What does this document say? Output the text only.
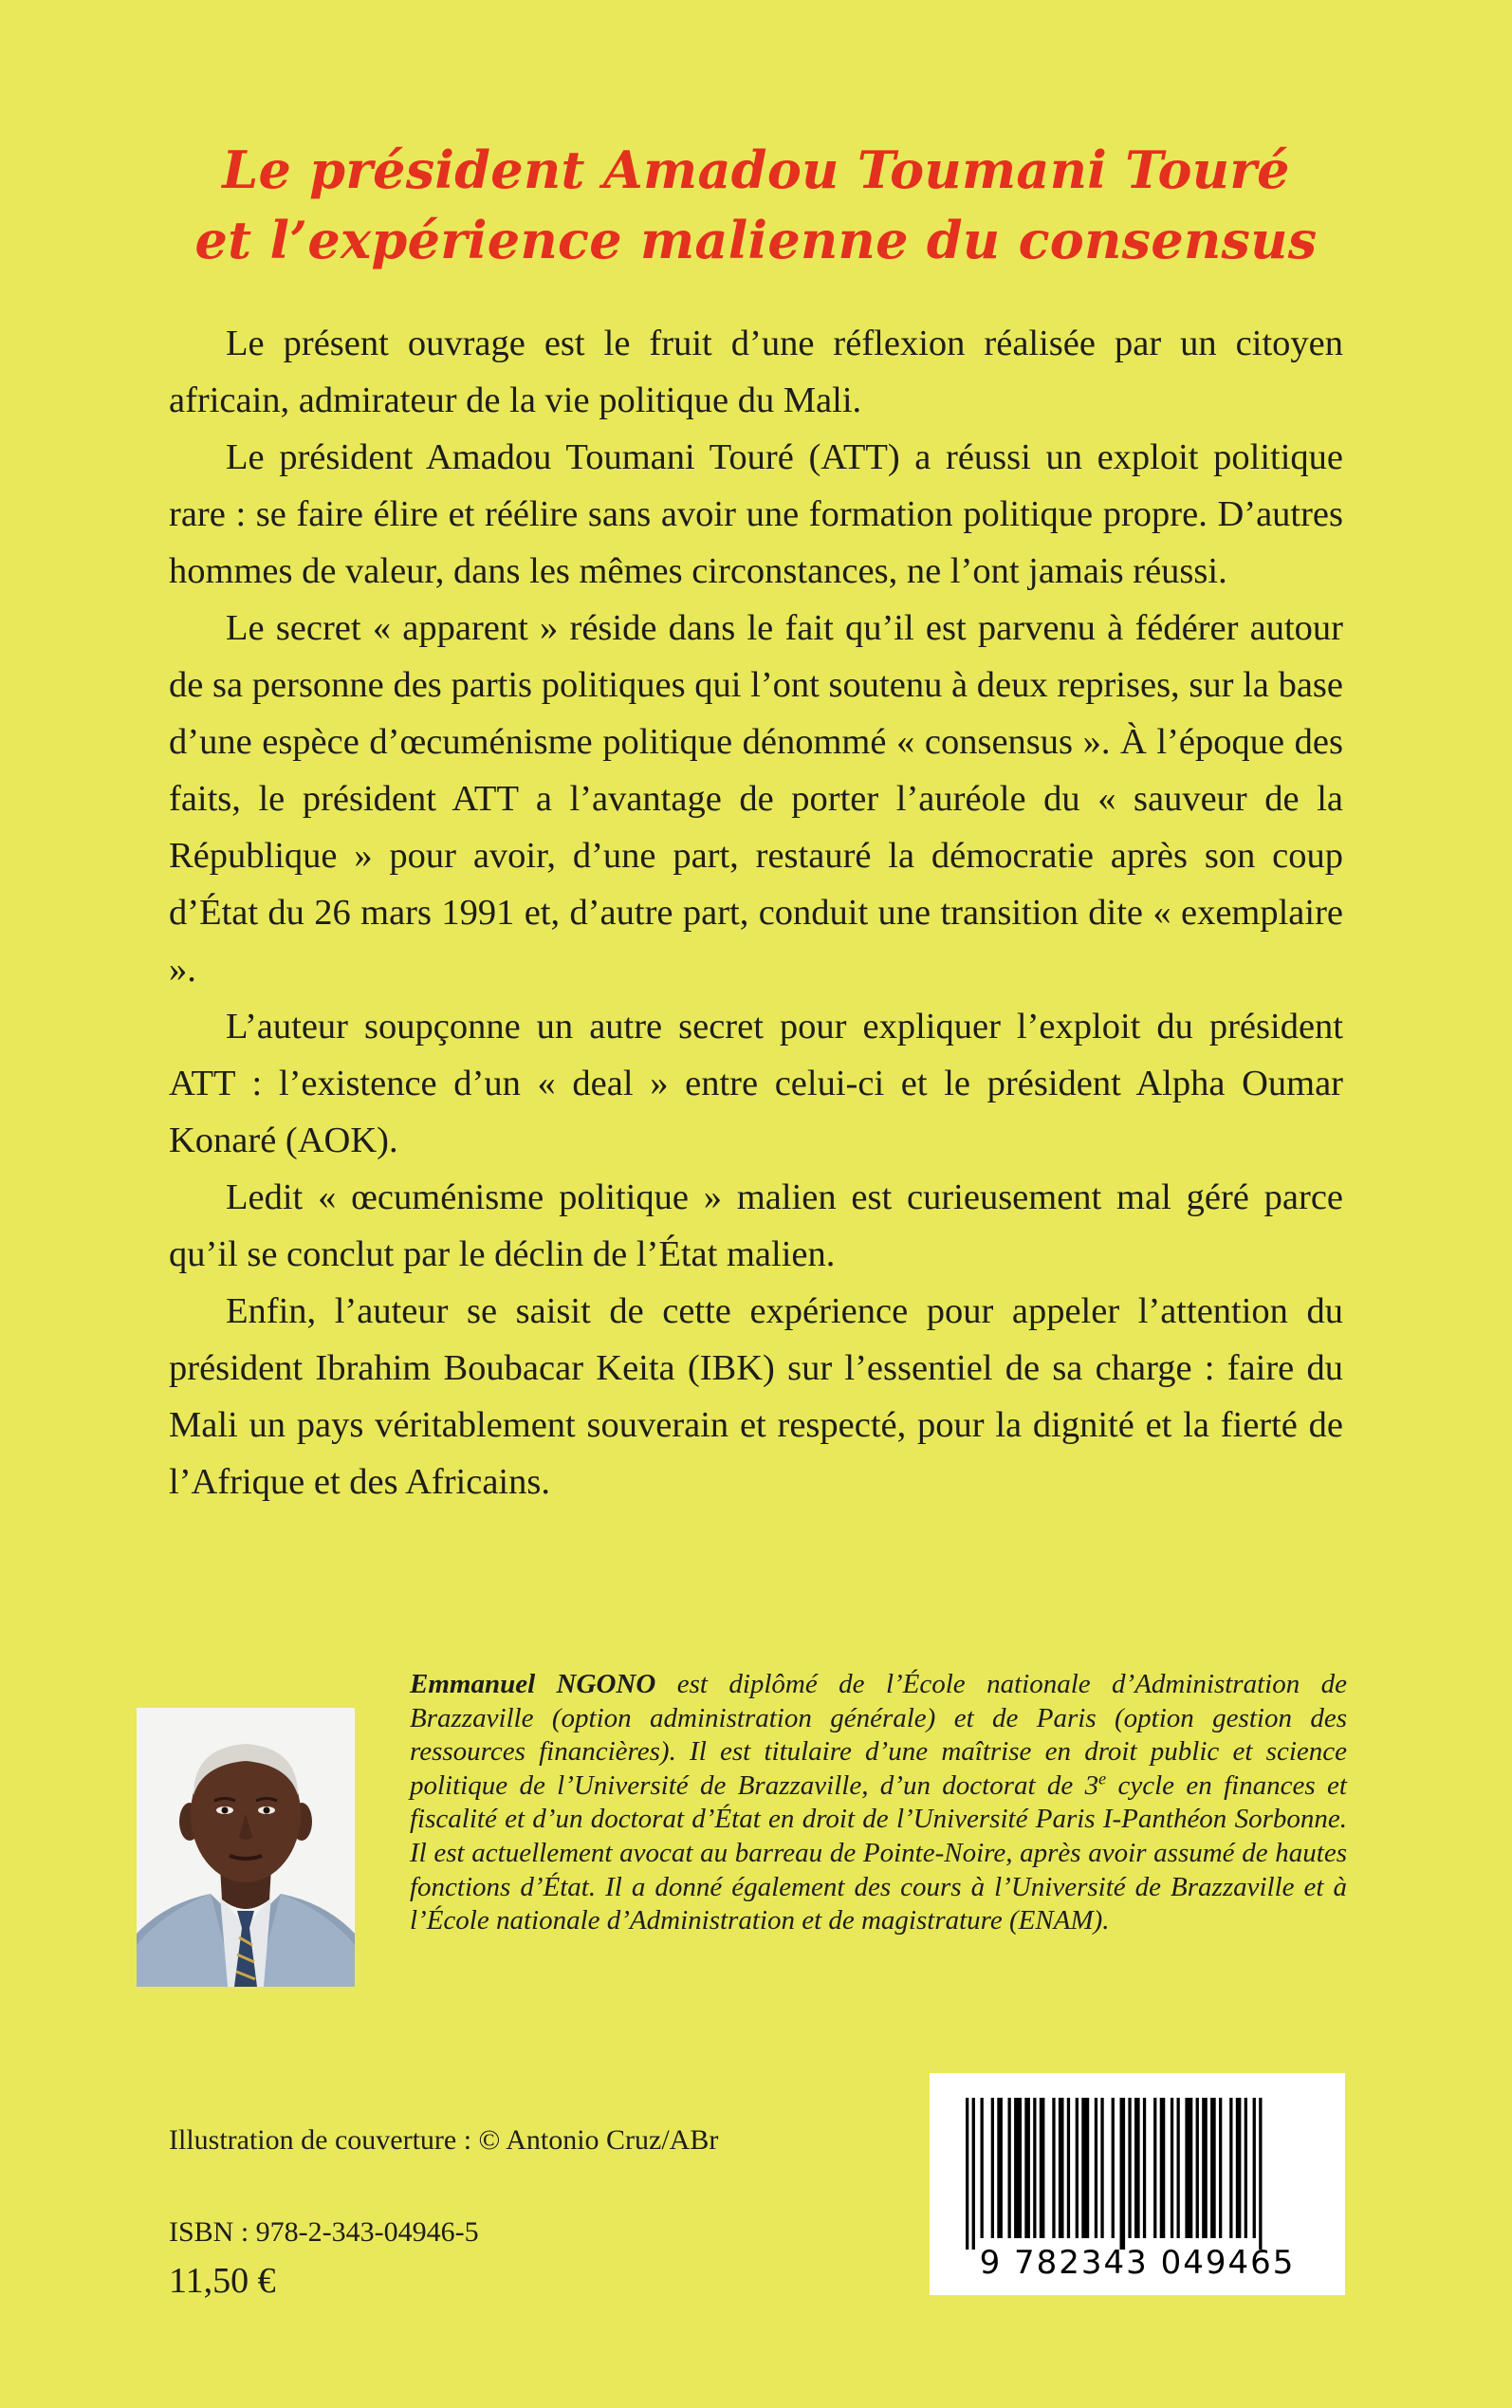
Le président Amadou Toumani Touré
et l’expérience malienne du consensus

Le présent ouvrage est le fruit d’une réflexion réalisée par un citoyen africain, admirateur de la vie politique du Mali.

Le président Amadou Toumani Touré (ATT) a réussi un exploit politique rare : se faire élire et réélire sans avoir une formation politique propre. D’autres hommes de valeur, dans les mêmes circonstances, ne l’ont jamais réussi.

Le secret « apparent » réside dans le fait qu’il est parvenu à fédérer autour de sa personne des partis politiques qui l’ont soutenu à deux reprises, sur la base d’une espèce d’œcuménisme politique dénommé « consensus ». À l’époque des faits, le président ATT a l’avantage de porter l’auréole du « sauveur de la République » pour avoir, d’une part, restauré la démocratie après son coup d’État du 26 mars 1991 et, d’autre part, conduit une transition dite « exemplaire ».

L’auteur soupçonne un autre secret pour expliquer l’exploit du président ATT : l’existence d’un « deal » entre celui-ci et le président Alpha Oumar Konaré (AOK).

Ledit « œcuménisme politique » malien est curieusement mal géré parce qu’il se conclut par le déclin de l’État malien.

Enfin, l’auteur se saisit de cette expérience pour appeler l’attention du président Ibrahim Boubacar Keita (IBK) sur l’essentiel de sa charge : faire du Mali un pays véritablement souverain et respecté, pour la dignité et la fierté de l’Afrique et des Africains.

Emmanuel NGONO est diplômé de l’École nationale d’Administration de Brazzaville (option administration générale) et de Paris (option gestion des ressources financières). Il est titulaire d’une maîtrise en droit public et science politique de l’Université de Brazzaville, d’un doctorat de 3e cycle en finances et fiscalité et d’un doctorat d’État en droit de l’Université Paris I-Panthéon Sorbonne. Il est actuellement avocat au barreau de Pointe-Noire, après avoir assumé de hautes fonctions d’État. Il a donné également des cours à l’Université de Brazzaville et à l’École nationale d’Administration et de magistrature (ENAM).
9 782343 049465
Illustration de couverture : © Antonio Cruz/ABr
ISBN : 978-2-343-04946-5
11,50 €
